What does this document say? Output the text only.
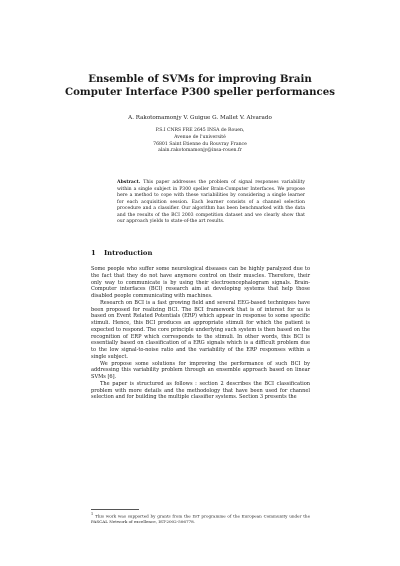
Ensemble of SVMs for improving Brain
Computer Interface P300 speller performances
A. Rakotomamonjy V. Guigue G. Mallet V. Alvarado
P.S.I CNRS FRE 2645 INSA de Rouen,
Avenue de l'université
76801 Saint Etienne du Rouvray France
alain.rakotomamonjy@insa-rouen.fr
Abstract. This paper addresses the problem of signal responses variability within a single subject in P300 speller Brain-Computer Interfaces. We propose here a method to cope with these variabilities by considering a single learner for each acquisition session. Each learner consists of a channel selection procedure and a classifier. Our algorithm has been benchmarked with the data and the results of the BCI 2003 competition dataset and we clearly show that our approach yields to state-of-the art results.
1 Introduction

Some people who suffer some neurological diseases can be highly paralyzed due to the fact that they do not have anymore control on their muscles. Therefore, their only way to communicate is by using their electroencephalogram signals. Brain-Computer interfaces (BCI) research aim at developing systems that help those disabled people communicating with machines.

Research on BCI is a fast growing field and several EEG-based techniques have been proposed for realizing BCI. The BCI framework that is of interest for us is based on Event Related Potentials (ERP) which appear in response to some specific stimuli. Hence, this BCI produces an appropriate stimuli for which the patient is expected to respond. The core principle underlying such system is then based on the recognition of ERP which corresponds to the stimuli. In other words, this BCI is essentially based on classification of a ERG signals which is a difficult problem due to the low signal-to-noise ratio and the variability of the ERP responses within a single subject.

We propose some solutions for improving the performance of such BCI by addressing this variability problem through an ensemble approach based on linear SVMs [6].

The paper is structured as follows : section 2 describes the BCI classification problem with more details and the methodology that have been used for channel selection and for building the multiple classifier systems. Section 3 presents the

$^1$ This work was supported by grants from the IST programme of the European Community under the PASCAL Network of excellence, IST-2002-506778.
